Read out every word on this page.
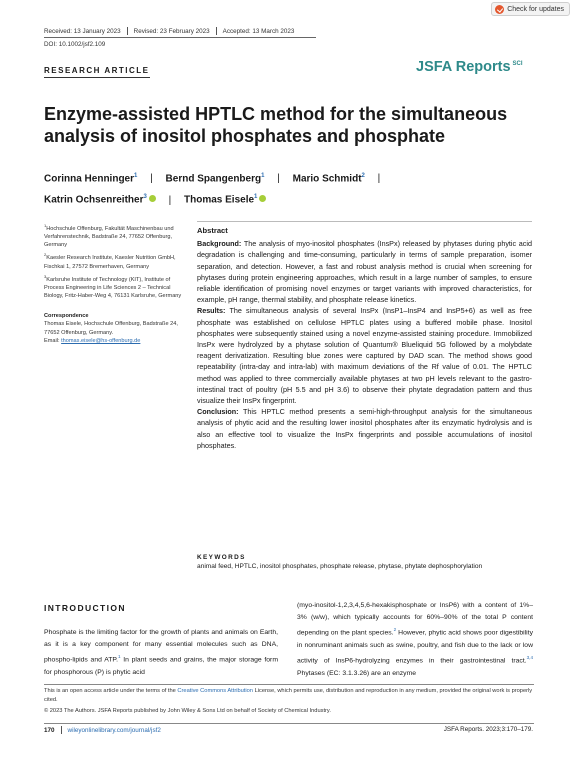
Check for updates
Received: 13 January 2023 Revised: 23 February 2023 Accepted: 13 March 2023
DOI: 10.1002/jsf2.109
RESEARCH ARTICLE	JSFA Reports SCI
Enzyme-assisted HPTLC method for the simultaneous analysis of inositol phosphates and phosphate
Corinna Henninger$^1$ | Bernd Spangenberg$^1$ | Mario Schmidt$^2$ |
Katrin Ochsenreither$^3$ | Thomas Eisele$^1$
$^1$Hochschule Offenburg, Fakultät Maschinenbau und Verfahrenstechnik, Badstraße 24, 77652 Offenburg, Germany
$^2$Kaesler Research Institute, Kaesler Nutrition GmbH, Fischkai 1, 27572 Bremerhaven, Germany
$^3$Karlsruhe Institute of Technology (KIT), Institute of Process Engineering in Life Sciences 2 – Technical Biology, Fritz-Haber-Weg 4, 76131 Karlsruhe, Germany
Correspondence
Thomas Eisele, Hochschule Offenburg, Badstraße 24, 77652 Offenburg, Germany.
Email: thomas.eisele@hs-offenburg.de
Abstract

Background: The analysis of myo-inositol phosphates (InsPx) released by phytases during phytic acid degradation is challenging and time-consuming, particularly in terms of sample preparation, isomer separation, and detection. However, a fast and robust analysis method is crucial when screening for phytases during protein engineering approaches, which result in a large number of samples, to ensure reliable identification of promising novel enzymes or target variants with improved characteristics, for example, pH range, thermal stability, and phosphate release kinetics.

Results: The simultaneous analysis of several InsPx (InsP1–InsP4 and InsP5+6) as well as free phosphate was established on cellulose HPTLC plates using a buffered mobile phase. Inositol phosphates were subsequently stained using a novel enzyme-assisted staining procedure. Immobilized InsPx were hydrolyzed by a phytase solution of Quantum® Blueliquid 5G followed by a molybdate reagent derivatization. Resulting blue zones were captured by DAD scan. The method shows good repeatability (intra-day and intra-lab) with maximum deviations of the Rf value of 0.01. The HPTLC method was applied to three commercially available phytases at two pH levels relevant to the gastro-intestinal tract of poultry (pH 5.5 and pH 3.6) to observe their phytate degradation pattern and thus visualize their InsPx fingerprint.

Conclusion: This HPTLC method presents a semi-high-throughput analysis for the simultaneous analysis of phytic acid and the resulting lower inositol phosphates after its enzymatic hydrolysis and is also an effective tool to visualize the InsPx fingerprints and possible accumulations of inositol phosphates.

KEYWORDS
animal feed, HPTLC, inositol phosphates, phosphate release, phytase, phytate dephosphorylation
INTRODUCTION
Phosphate is the limiting factor for the growth of plants and animals on Earth, as it is a key component for many essential molecules such as DNA, phospho-lipids and ATP.$^1$ In plant seeds and grains, the major storage form for phosphorous (P) is phytic acid
(myo-inositol-1,2,3,4,5,6-hexakisphosphate or InsP6) with a content of 1%–3% (w/w), which typically accounts for 60%–90% of the total P content depending on the plant species.$^2$ However, phytic acid shows poor digestibility in nonruminant animals such as swine, poultry, and fish due to the lack or low activity of InsP6-hydrolyzing enzymes in their gastrointestinal tract.$^{3,4}$ Phytases (EC: 3.1.3.26) are an enzyme
This is an open access article under the terms of the Creative Commons Attribution License, which permits use, distribution and reproduction in any medium, provided the original work is properly cited.
© 2023 The Authors. JSFA Reports published by John Wiley & Sons Ltd on behalf of Society of Chemical Industry.
170 wileyonlinelibrary.com/journal/jsf2	JSFA Reports. 2023;3:170–179.
